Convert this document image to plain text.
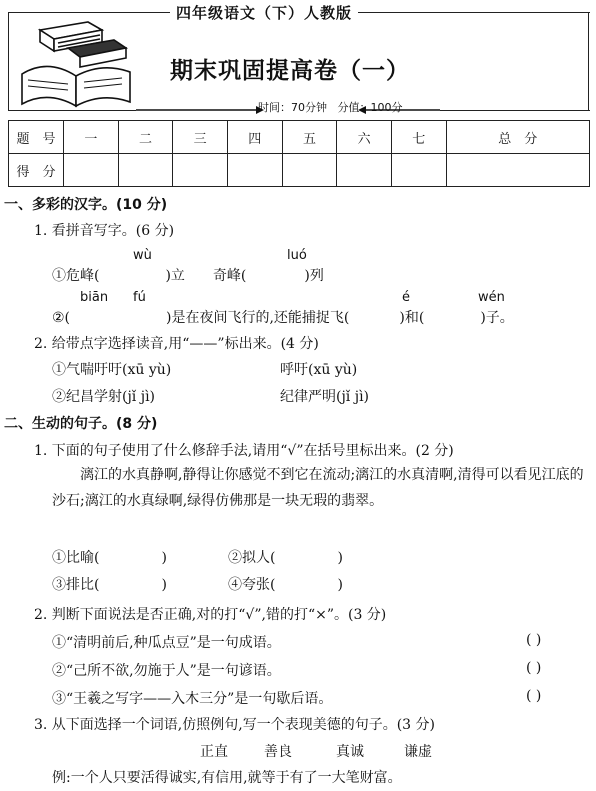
四年级语文（下）人教版
期末巩固提高卷（一）
时间：70分钟 分值：100分
题　号	一	二	三	四	五	六	七	总　分
得　分								
一、多彩的汉字。(10 分)
1. 看拼音写字。(6 分)
wù	luó
①危峰(	)立 奇峰(	)列
biān fú	é	wén
②(	)是在夜间飞行的,还能捕捉飞(	)和(	)子。
2. 给带点字选择读音,用“——”标出来。(4 分)
①气喘吁吁(xū yù)	呼吁(xū yù)
②纪昌学射(jǐ jì)	纪律严明(jǐ jì)
二、生动的句子。(8 分)
1. 下面的句子使用了什么修辞手法,请用“√”在括号里标出来。(2 分)
漓江的水真静啊,静得让你感觉不到它在流动;漓江的水真清啊,清得可以看见江底的沙石;漓江的水真绿啊,绿得仿佛那是一块无瑕的翡翠。
①比喻(	)	②拟人(	)
③排比(	)	④夸张(	)
2. 判断下面说法是否正确,对的打“√”,错的打“×”。(3 分)
①“清明前后,种瓜点豆”是一句成语。	( )
②“己所不欲,勿施于人”是一句谚语。	( )
③“王羲之写字——入木三分”是一句歇后语。	( )
3. 从下面选择一个词语,仿照例句,写一个表现美德的句子。(3 分)
正直	善良	真诚	谦虚
例:一个人只要活得诚实,有信用,就等于有了一大笔财富。
